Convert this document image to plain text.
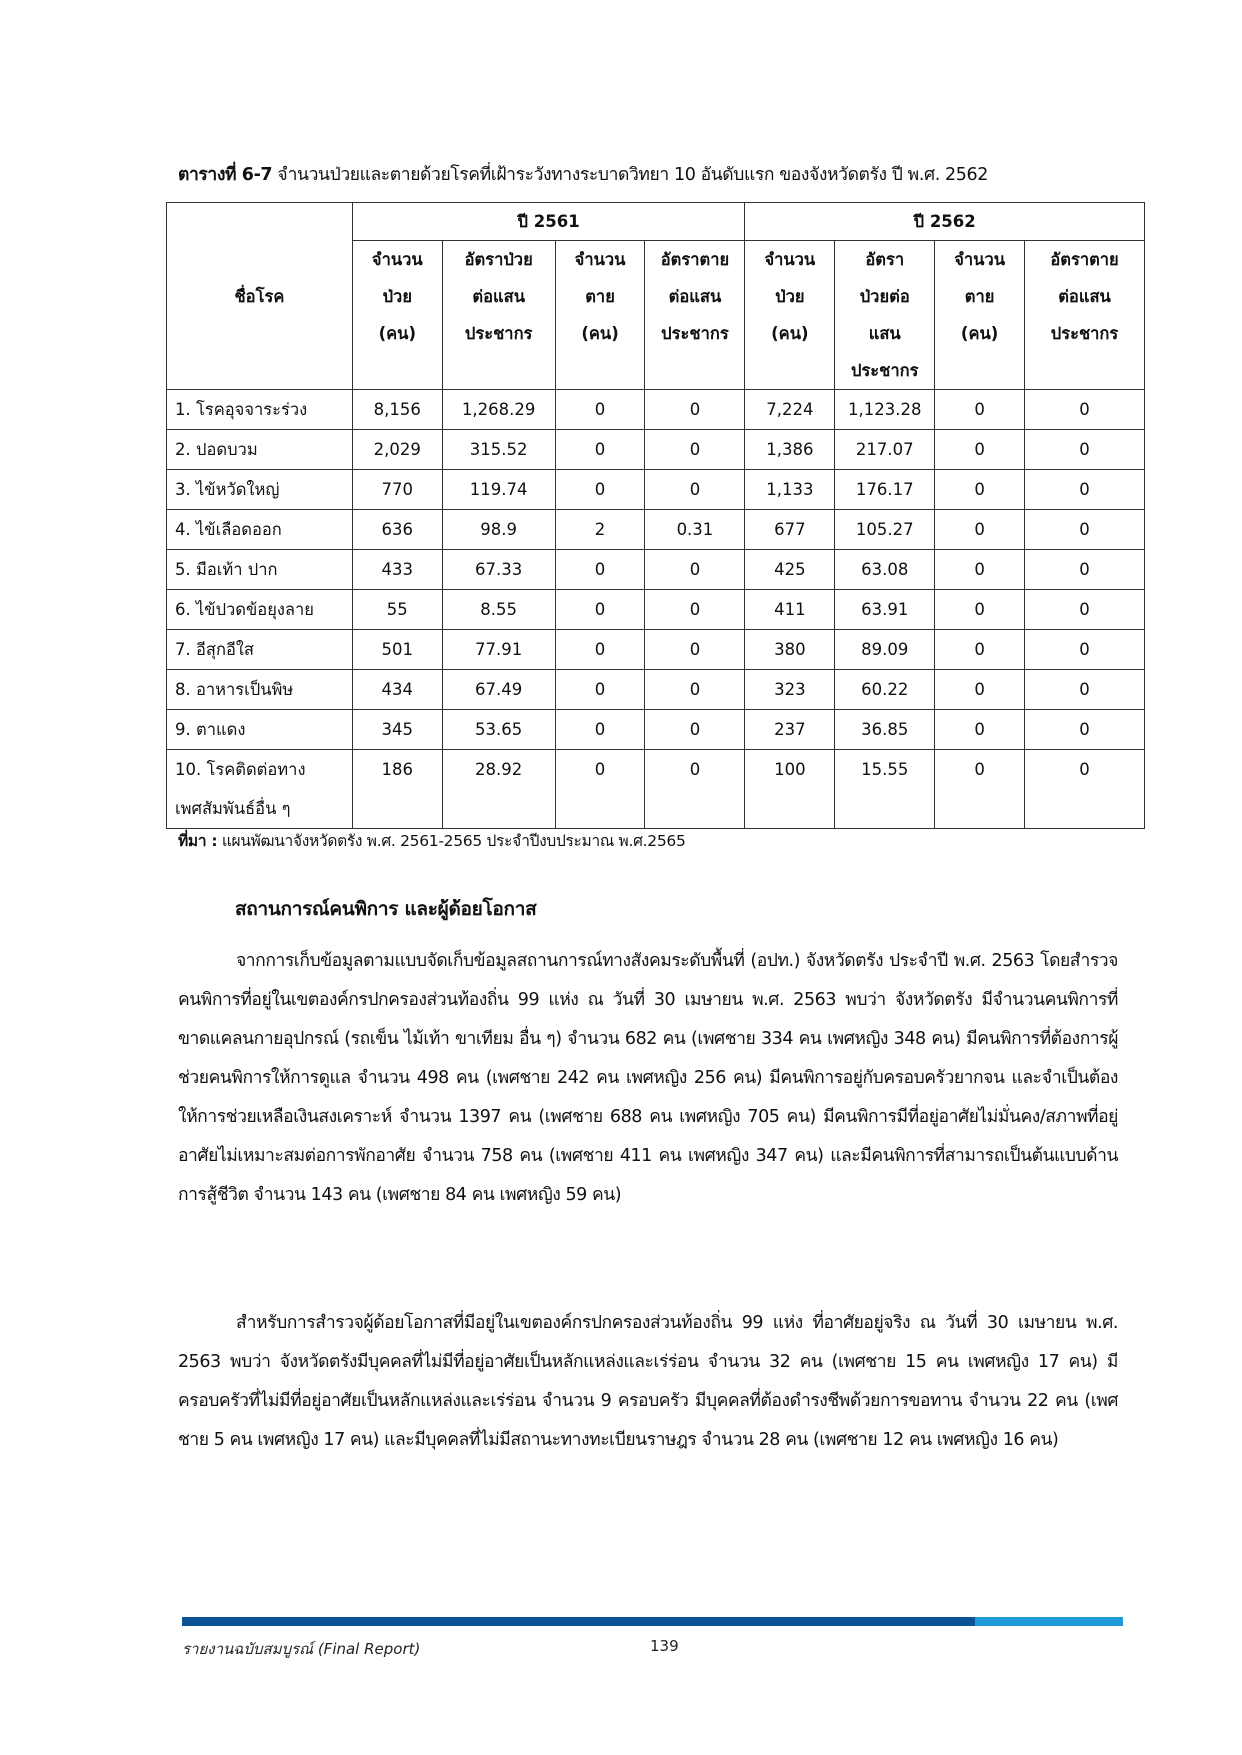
ตารางที่ 6-7 จำนวนป่วยและตายด้วยโรคที่เฝ้าระวังทางระบาดวิทยา 10 อันดับแรก ของจังหวัดตรัง ปี พ.ศ. 2562
ชื่อโรค	ปี 2561				ปี 2562			

	จำนวน
ป่วย
(คน)	อัตราป่วย
ต่อแสน
ประชากร	จำนวน
ตาย
(คน)	อัตราตาย
ต่อแสน
ประชากร	จำนวน
ป่วย
(คน)	อัตรา
ป่วยต่อ
แสน
ประชากร	จำนวน
ตาย
(คน)	อัตราตาย
ต่อแสน
ประชากร

1. โรคอุจจาระร่วง	8,156	1,268.29	0	0	7,224	1,123.28	0	0

2. ปอดบวม	2,029	315.52	0	0	1,386	217.07	0	0

3. ไข้หวัดใหญ่	770	119.74	0	0	1,133	176.17	0	0

4. ไข้เลือดออก	636	98.9	2	0.31	677	105.27	0	0

5. มือเท้า ปาก	433	67.33	0	0	425	63.08	0	0

6. ไข้ปวดข้อยุงลาย	55	8.55	0	0	411	63.91	0	0

7. อีสุกอีใส	501	77.91	0	0	380	89.09	0	0

8. อาหารเป็นพิษ	434	67.49	0	0	323	60.22	0	0

9. ตาแดง	345	53.65	0	0	237	36.85	0	0

10. โรคติดต่อทาง
เพศสัมพันธ์อื่น ๆ	186	28.92	0	0	100	15.55	0	0
ที่มา : แผนพัฒนาจังหวัดตรัง พ.ศ. 2561-2565 ประจำปีงบประมาณ พ.ศ.2565
สถานการณ์คนพิการ และผู้ด้อยโอกาส
จากการเก็บข้อมูลตามแบบจัดเก็บข้อมูลสถานการณ์ทางสังคมระดับพื้นที่ (อปท.) จังหวัดตรัง ประจำปี พ.ศ. 2563 โดยสำรวจคนพิการที่อยู่ในเขตองค์กรปกครองส่วนท้องถิ่น 99 แห่ง ณ วันที่ 30 เมษายน พ.ศ. 2563 พบว่า จังหวัดตรัง มีจำนวนคนพิการที่ขาดแคลนกายอุปกรณ์ (รถเข็น ไม้เท้า ขาเทียม อื่น ๆ) จำนวน 682 คน (เพศชาย 334 คน เพศหญิง 348 คน) มีคนพิการที่ต้องการผู้ช่วยคนพิการให้การดูแล จำนวน 498 คน (เพศชาย 242 คน เพศหญิง 256 คน) มีคนพิการอยู่กับครอบครัวยากจน และจำเป็นต้องให้การช่วยเหลือเงินสงเคราะห์ จำนวน 1397 คน (เพศชาย 688 คน เพศหญิง 705 คน) มีคนพิการมีที่อยู่อาศัยไม่มั่นคง/สภาพที่อยู่อาศัยไม่เหมาะสมต่อการพักอาศัย จำนวน 758 คน (เพศชาย 411 คน เพศหญิง 347 คน) และมีคนพิการที่สามารถเป็นต้นแบบด้านการสู้ชีวิต จำนวน 143 คน (เพศชาย 84 คน เพศหญิง 59 คน)
สำหรับการสำรวจผู้ด้อยโอกาสที่มีอยู่ในเขตองค์กรปกครองส่วนท้องถิ่น 99 แห่ง ที่อาศัยอยู่จริง ณ วันที่ 30 เมษายน พ.ศ. 2563 พบว่า จังหวัดตรังมีบุคคลที่ไม่มีที่อยู่อาศัยเป็นหลักแหล่งและเร่ร่อน จำนวน 32 คน (เพศชาย 15 คน เพศหญิง 17 คน) มีครอบครัวที่ไม่มีที่อยู่อาศัยเป็นหลักแหล่งและเร่ร่อน จำนวน 9 ครอบครัว มีบุคคลที่ต้องดำรงชีพด้วยการขอทาน จำนวน 22 คน (เพศชาย 5 คน เพศหญิง 17 คน) และมีบุคคลที่ไม่มีสถานะทางทะเบียนราษฎร จำนวน 28 คน (เพศชาย 12 คน เพศหญิง 16 คน)
รายงานฉบับสมบูรณ์ (Final Report)	139
